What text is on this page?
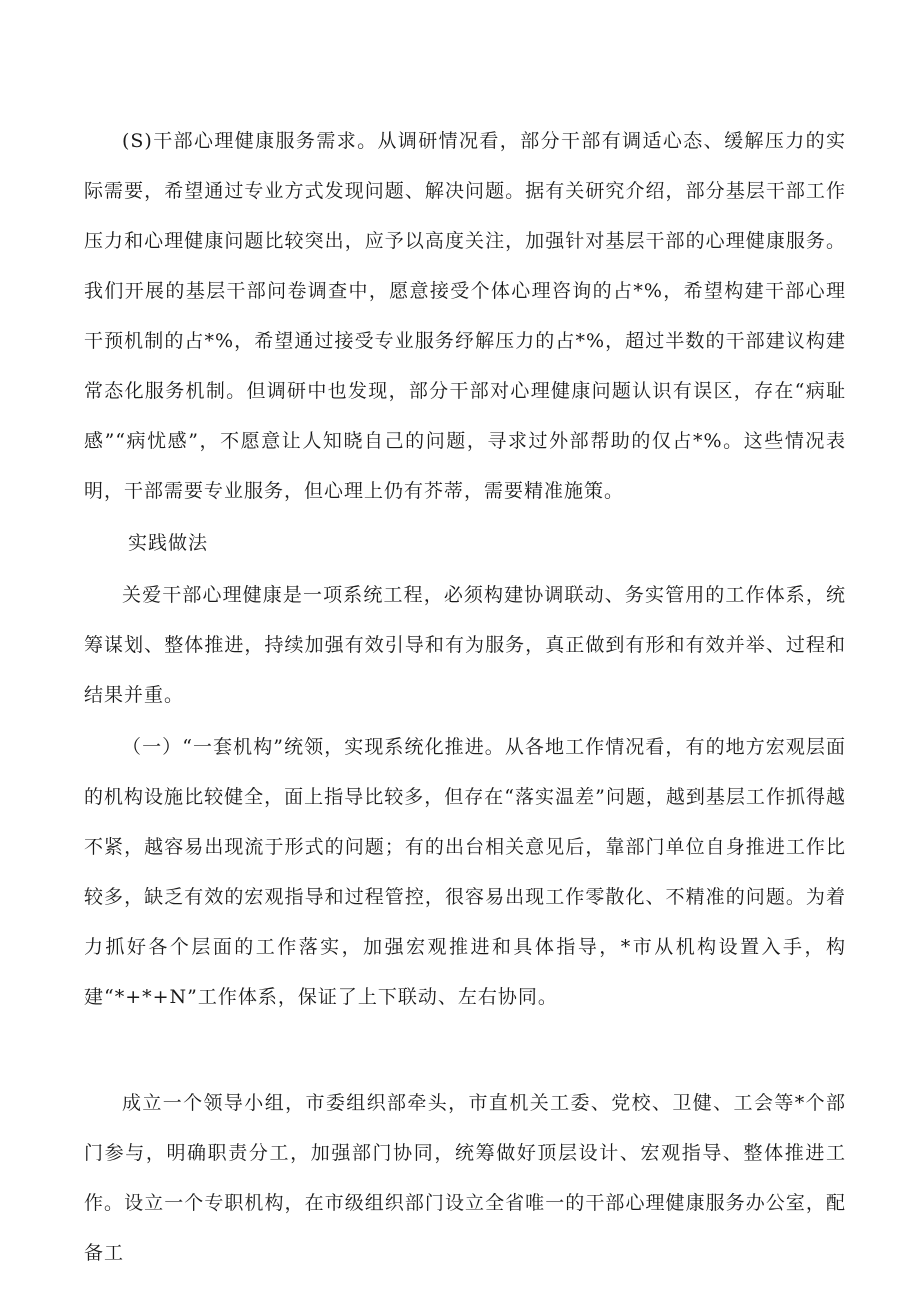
(S)干部心理健康服务需求。从调研情况看，部分干部有调适心态、缓解压力的实际需要，希望通过专业方式发现问题、解决问题。据有关研究介绍，部分基层干部工作压力和心理健康问题比较突出，应予以高度关注，加强针对基层干部的心理健康服务。我们开展的基层干部问卷调查中，愿意接受个体心理咨询的占*%，希望构建干部心理干预机制的占*%，希望通过接受专业服务纾解压力的占*%，超过半数的干部建议构建常态化服务机制。但调研中也发现，部分干部对心理健康问题认识有误区，存在“病耻感”“病忧感”，不愿意让人知晓自己的问题，寻求过外部帮助的仅占*%。这些情况表明，干部需要专业服务，但心理上仍有芥蒂，需要精准施策。

实践做法

关爱干部心理健康是一项系统工程，必须构建协调联动、务实管用的工作体系，统筹谋划、整体推进，持续加强有效引导和有为服务，真正做到有形和有效并举、过程和结果并重。

（一）“一套机构”统领，实现系统化推进。从各地工作情况看，有的地方宏观层面的机构设施比较健全，面上指导比较多，但存在“落实温差”问题，越到基层工作抓得越不紧，越容易出现流于形式的问题；有的出台相关意见后，靠部门单位自身推进工作比较多，缺乏有效的宏观指导和过程管控，很容易出现工作零散化、不精准的问题。为着力抓好各个层面的工作落实，加强宏观推进和具体指导，*市从机构设置入手，构建“*+*+N”工作体系，保证了上下联动、左右协同。

成立一个领导小组，市委组织部牵头，市直机关工委、党校、卫健、工会等*个部门参与，明确职责分工，加强部门协同，统筹做好顶层设计、宏观指导、整体推进工作。设立一个专职机构，在市级组织部门设立全省唯一的干部心理健康服务办公室，配备工
